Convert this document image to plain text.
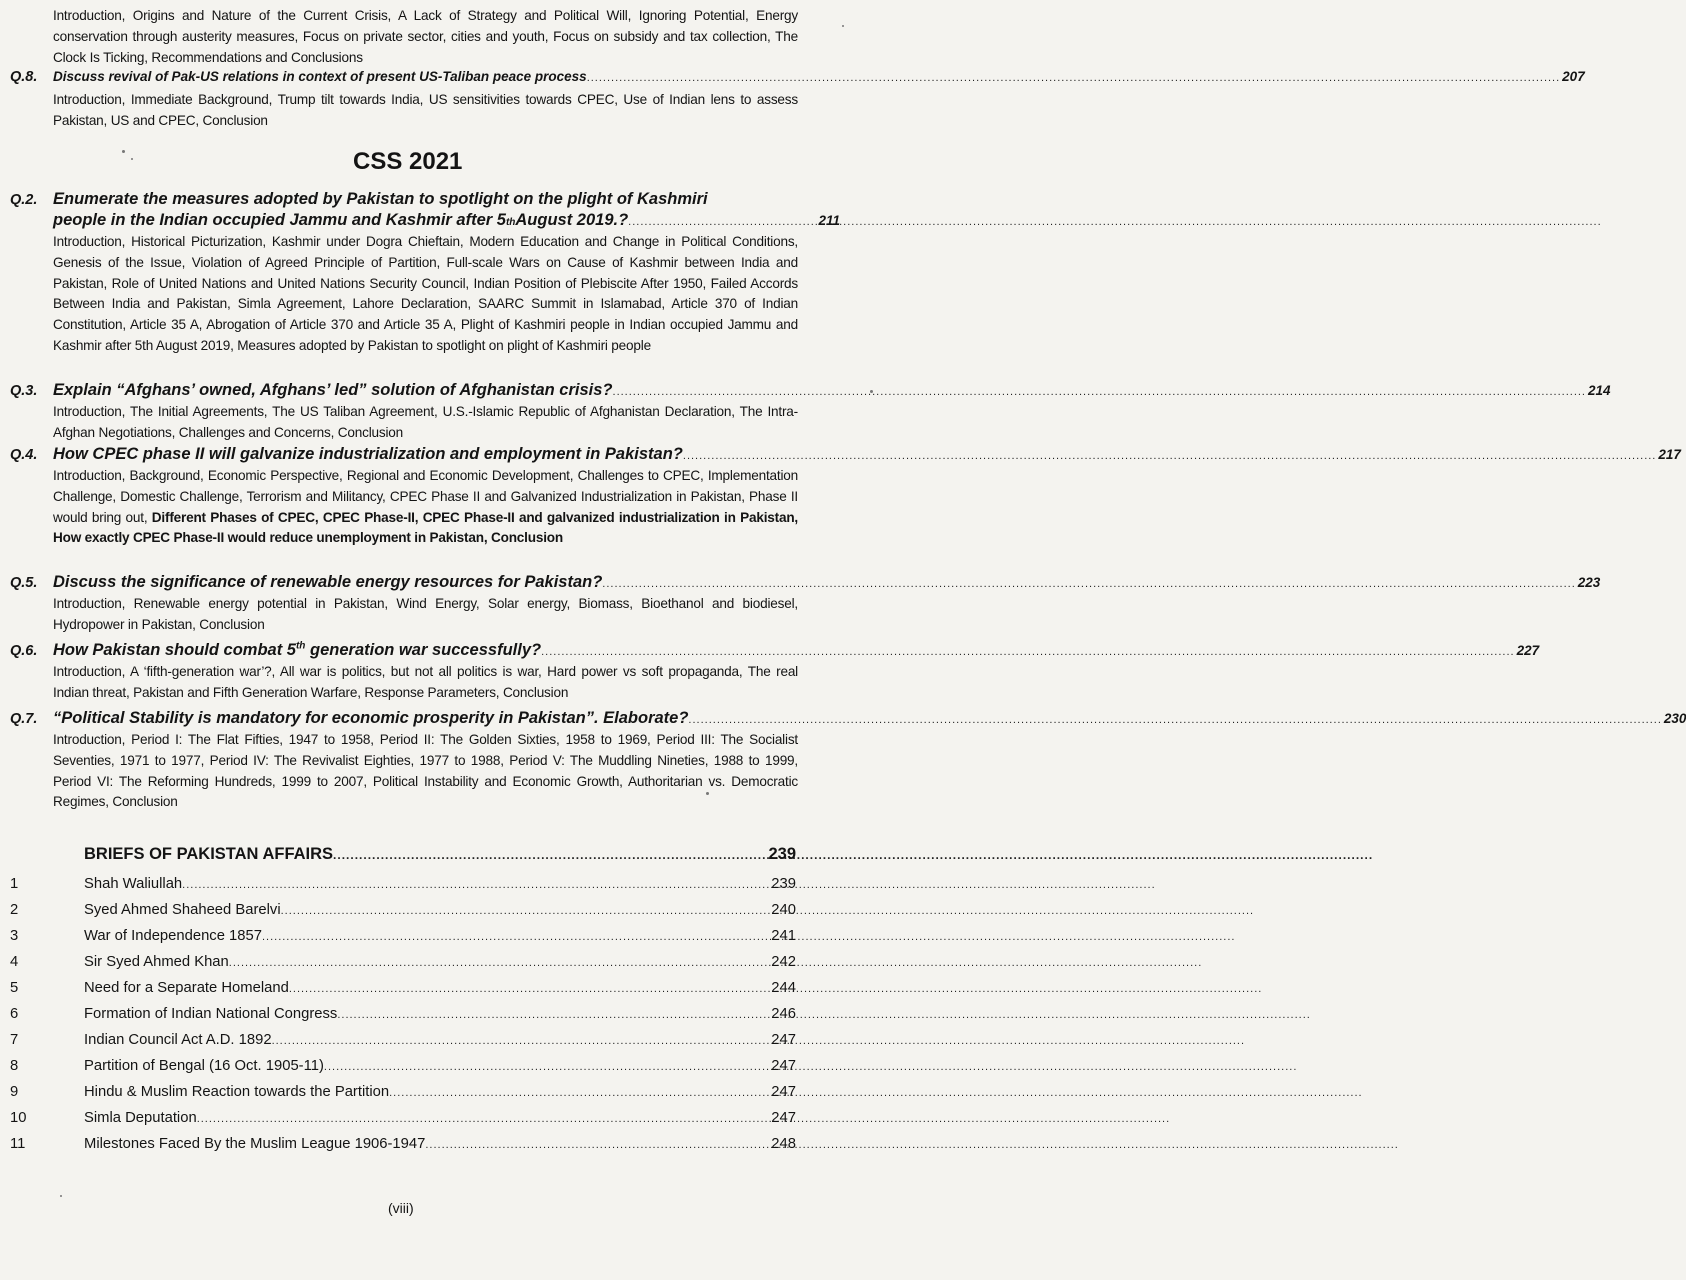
Introduction, Origins and Nature of the Current Crisis, A Lack of Strategy and Political Will, Ignoring Potential, Energy conservation through austerity measures, Focus on private sector, cities and youth, Focus on subsidy and tax collection, The Clock Is Ticking, Recommendations and Conclusions
Q.8.	Discuss revival of Pak-US relations in context of present US-Taliban peace process .....	207
Introduction, Immediate Background, Trump tilt towards India, US sensitivities towards CPEC, Use of Indian lens to assess Pakistan, US and CPEC, Conclusion
CSS 2021
Q.2. Enumerate the measures adopted by Pakistan to spotlight on the plight of Kashmiri
people in the Indian occupied Jammu and Kashmir after 5 th August 2019.? .....	211
Introduction, Historical Picturization, Kashmir under Dogra Chieftain, Modern Education and Change in Political Conditions, Genesis of the Issue, Violation of Agreed Principle of Partition, Full-scale Wars on Cause of Kashmir between India and Pakistan, Role of United Nations and United Nations Security Council, Indian Position of Plebiscite After 1950, Failed Accords Between India and Pakistan, Simla Agreement, Lahore Declaration, SAARC Summit in Islamabad, Article 370 of Indian Constitution, Article 35 A, Abrogation of Article 370 and Article 35 A, Plight of Kashmiri people in Indian occupied Jammu and Kashmir after 5th August 2019, Measures adopted by Pakistan to spotlight on plight of Kashmiri people
Q.3. Explain “Afghans’ owned, Afghans’ led” solution of Afghanistan crisis? .....	214
Introduction, The Initial Agreements, The US Taliban Agreement, U.S.-Islamic Republic of Afghanistan Declaration, The Intra-Afghan Negotiations, Challenges and Concerns, Conclusion
Q.4. How CPEC phase II will galvanize industrialization and employment in Pakistan? .....	217
Introduction, Background, Economic Perspective, Regional and Economic Development, Challenges to CPEC, Implementation Challenge, Domestic Challenge, Terrorism and Militancy, CPEC Phase II and Galvanized Industrialization in Pakistan, Phase II would bring out, Different Phases of CPEC, CPEC Phase-II, CPEC Phase-II and galvanized industrialization in Pakistan, How exactly CPEC Phase-II would reduce unemployment in Pakistan, Conclusion
Q.5. Discuss the significance of renewable energy resources for Pakistan? .....	223
Introduction, Renewable energy potential in Pakistan, Wind Energy, Solar energy, Biomass, Bioethanol and biodiesel, Hydropower in Pakistan, Conclusion
Q.6. How Pakistan should combat 5th generation war successfully? .....	227
Introduction, A ‘fifth-generation war’?, All war is politics, but not all politics is war, Hard power vs soft propaganda, The real Indian threat, Pakistan and Fifth Generation Warfare, Response Parameters, Conclusion
Q.7. “Political Stability is mandatory for economic prosperity in Pakistan”. Elaborate? .....	230
Introduction, Period I: The Flat Fifties, 1947 to 1958, Period II: The Golden Sixties, 1958 to 1969, Period III: The Socialist Seventies, 1971 to 1977, Period IV: The Revivalist Eighties, 1977 to 1988, Period V: The Muddling Nineties, 1988 to 1999, Period VI: The Reforming Hundreds, 1999 to 2007, Political Instability and Economic Growth, Authoritarian vs. Democratic Regimes, Conclusion
BRIEFS OF PAKISTAN AFFAIRS .....	239
1	Shah Waliullah .....	239
2	Syed Ahmed Shaheed Barelvi .....	240
3	War of Independence 1857 .....	241
4	Sir Syed Ahmed Khan .....	242
5	Need for a Separate Homeland .....	244
6	Formation of Indian National Congress .....	246
7	Indian Council Act A.D. 1892 .....	247
8	Partition of Bengal (16 Oct. 1905-11) .....	247
9	Hindu & Muslim Reaction towards the Partition .....	247
10	Simla Deputation .....	247
11	Milestones Faced By the Muslim League 1906-1947 .....	248
(viii)
